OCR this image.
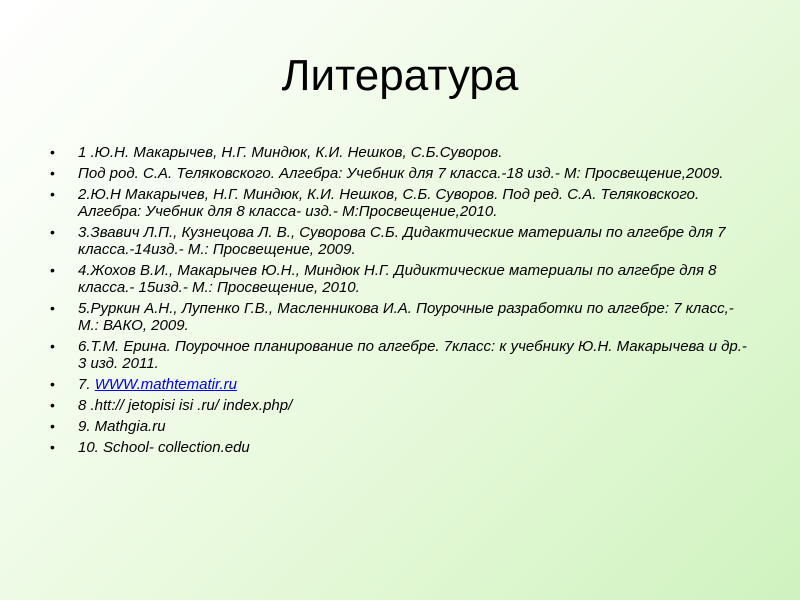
Литература
• 1 .Ю.Н. Макарычев, Н.Г. Миндюк, К.И. Нешков, С.Б.Суворов.
• Под род. С.А. Теляковского. Алгебра: Учебник для 7 класса.-18 изд.- М: Просвещение,2009.
• 2.Ю.Н Макарычев, Н.Г. Миндюк, К.И. Нешков, С.Б. Суворов. Под ред. С.А. Теляковского. Алгебра: Учебник для 8 класса- изд.- М:Просвещение,2010.
• 3.Звавич Л.П., Кузнецова Л. В., Суворова С.Б. Дидактические материалы по алгебре для 7 класса.-14изд.- М.: Просвещение, 2009.
• 4.Жохов В.И., Макарычев Ю.Н., Миндюк Н.Г. Дидиктические материалы по алгебре для 8 класса.- 15изд.- М.: Просвещение, 2010.
• 5.Руркин А.Н., Лупенко Г.В., Масленникова И.А. Поурочные разработки по алгебре: 7 класс,- М.: ВАКО, 2009.
• 6.Т.М. Ерина. Поурочное планирование по алгебре. 7класс: к учебнику Ю.Н. Макарычева и др.- 3 изд. 2011.
• 7. WWW.mathtematir.ru
• 8 .htt:// jetopisi isi .ru/ index.php/
• 9. Mathgia.ru
• 10. School- collection.edu
